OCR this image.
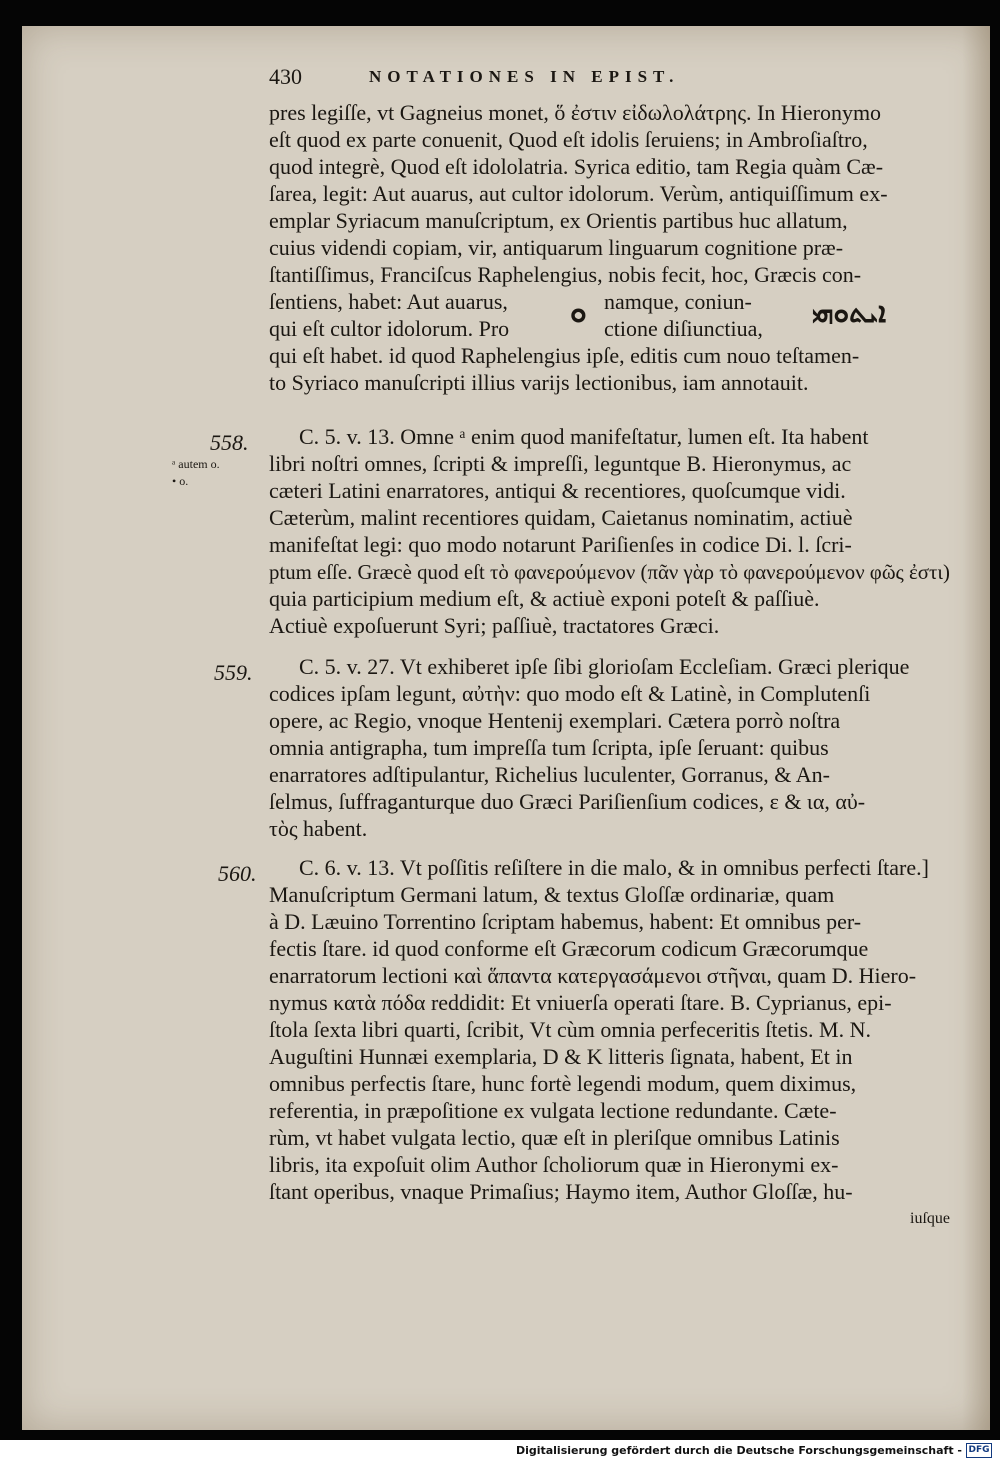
430	NOTATIONES IN EPIST.
pres legiſſe, vt Gagneius monet, ὅ ἐστιν εἰδωλολάτρης. In Hieronymo
eſt quod ex parte conuenit, Quod eſt idolis ſeruiens; in Ambroſiaſtro,
quod integrè, Quod eſt idololatria. Syrica editio, tam Regia quàm Cæ-
ſarea, legit: Aut auarus, aut cultor idolorum. Verùm, antiquiſſimum ex-
emplar Syriacum manuſcriptum, ex Orientis partibus huc allatum,
cuius videndi copiam, vir, antiquarum linguarum cognitione præ-
ſtantiſſimus, Franciſcus Raphelengius, nobis fecit, hoc, Græcis con-
ſentiens, habet: Aut auarus,
qui eſt cultor idolorum. Pro ܘ namque, coniun-
ctione diſiunctiua, ܐܝܬܘܗܝ
qui eſt habet. id quod Raphelengius ipſe, editis cum nouo teſtamen-
to Syriaco manuſcripti illius varijs lectionibus, iam annotauit.
558.
ᵃ autem o.
• o.
C. 5. v. 13. Omne ᵃ enim quod manifeſtatur, lumen eſt. Ita habent
libri noſtri omnes, ſcripti & impreſſi, leguntque B. Hieronymus, ac
cæteri Latini enarratores, antiqui & recentiores, quoſcumque vidi.
Cæterùm, malint recentiores quidam, Caietanus nominatim, actiuè
manifeſtat legi: quo modo notarunt Pariſienſes in codice Di. l. ſcri-
ptum eſſe. Græcè quod eſt τὸ φανερούμενον (πᾶν γὰρ τὸ φανερούμενον φῶς ἐστι)
quia participium medium eſt, & actiuè exponi poteſt & paſſiuè.
Actiuè expoſuerunt Syri; paſſiuè, tractatores Græci.
559. C. 5. v. 27. Vt exhiberet ipſe ſibi glorioſam Eccleſiam. Græci plerique
codices ipſam legunt, αὐτὴν: quo modo eſt & Latinè, in Complutenſi
opere, ac Regio, vnoque Hentenij exemplari. Cætera porrò noſtra
omnia antigrapha, tum impreſſa tum ſcripta, ipſe ſeruant: quibus
enarratores adſtipulantur, Richelius luculenter, Gorranus, & An-
ſelmus, ſuffraganturque duo Græci Pariſienſium codices, ε & ια, αὐ-
τὸς habent.
560. C. 6. v. 13. Vt poſſitis reſiſtere in die malo, & in omnibus perfecti ſtare.]
Manuſcriptum Germani latum, & textus Gloſſæ ordinariæ, quam
à D. Læuino Torrentino ſcriptam habemus, habent: Et omnibus per-
fectis ſtare. id quod conforme eſt Græcorum codicum Græcorumque
enarratorum lectioni καὶ ἅπαντα κατεργασάμενοι στῆναι, quam D. Hiero-
nymus κατὰ πόδα reddidit: Et vniuerſa operati ſtare. B. Cyprianus, epi-
ſtola ſexta libri quarti, ſcribit, Vt cùm omnia perfeceritis ſtetis. M. N.
Auguſtini Hunnæi exemplaria, D & K litteris ſignata, habent, Et in
omnibus perfectis ſtare, hunc fortè legendi modum, quem diximus,
referentia, in præpoſitione ex vulgata lectione redundante. Cæte-
rùm, vt habet vulgata lectio, quæ eſt in pleriſque omnibus Latinis
libris, ita expoſuit olim Author ſcholiorum quæ in Hieronymi ex-
ſtant operibus, vnaque Primaſius; Haymo item, Author Gloſſæ, hu-
iuſque
Digitalisierung gefördert durch die Deutsche Forschungsgemeinschaft - DFG
